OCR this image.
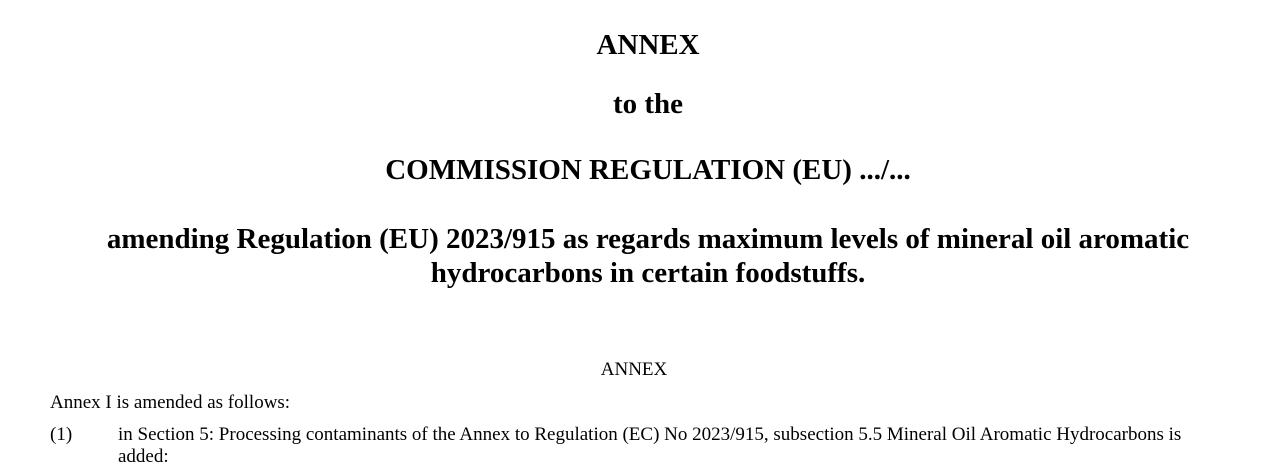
ANNEX
to the
COMMISSION REGULATION (EU) .../...
amending Regulation (EU) 2023/915 as regards maximum levels of mineral oil aromatic hydrocarbons in certain foodstuffs.
ANNEX
Annex I is amended as follows:
(1) in Section 5: Processing contaminants of the Annex to Regulation (EC) No 2023/915, subsection 5.5 Mineral Oil Aromatic Hydrocarbons is added:
